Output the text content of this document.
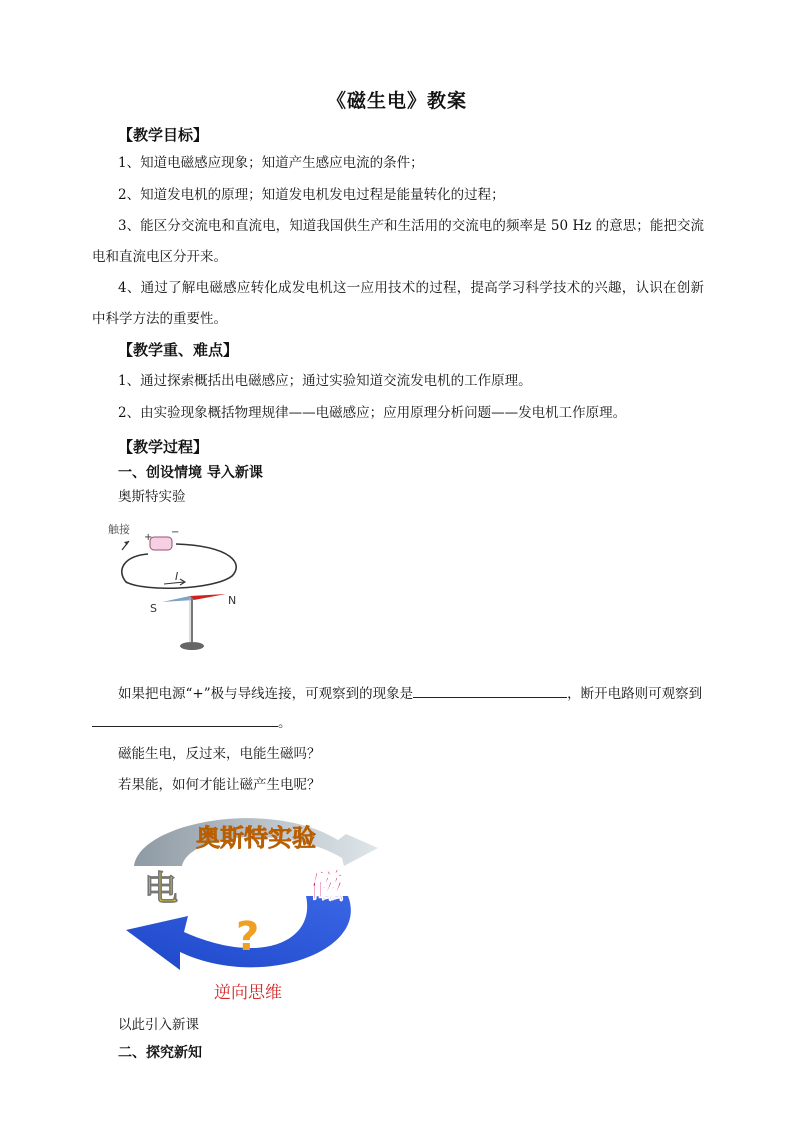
《磁生电》教案
【教学目标】
1、知道电磁感应现象；知道产生感应电流的条件；
2、知道发电机的原理；知道发电机发电过程是能量转化的过程；
3、能区分交流电和直流电，知道我国供生产和生活用的交流电的频率是 50 Hz 的意思；能把交流电和直流电区分开来。
4、通过了解电磁感应转化成发电机这一应用技术的过程，提高学习科学技术的兴趣，认识在创新中科学方法的重要性。
【教学重、难点】
1、通过探索概括出电磁感应；通过实验知道交流发电机的工作原理。
2、由实验现象概括物理规律——电磁感应；应用原理分析问题——发电机工作原理。
【教学过程】
一、创设情境 导入新课
奥斯特实验
触接
+ −
I
S
N
如果把电源“+”极与导线连接，可观察到的现象是	，断开电路则可观察到
。
磁能生电，反过来，电能生磁吗？
若果能，如何才能让磁产生电呢？
奥斯特实验
电	磁
?
逆向思维
以此引入新课
二、探究新知
